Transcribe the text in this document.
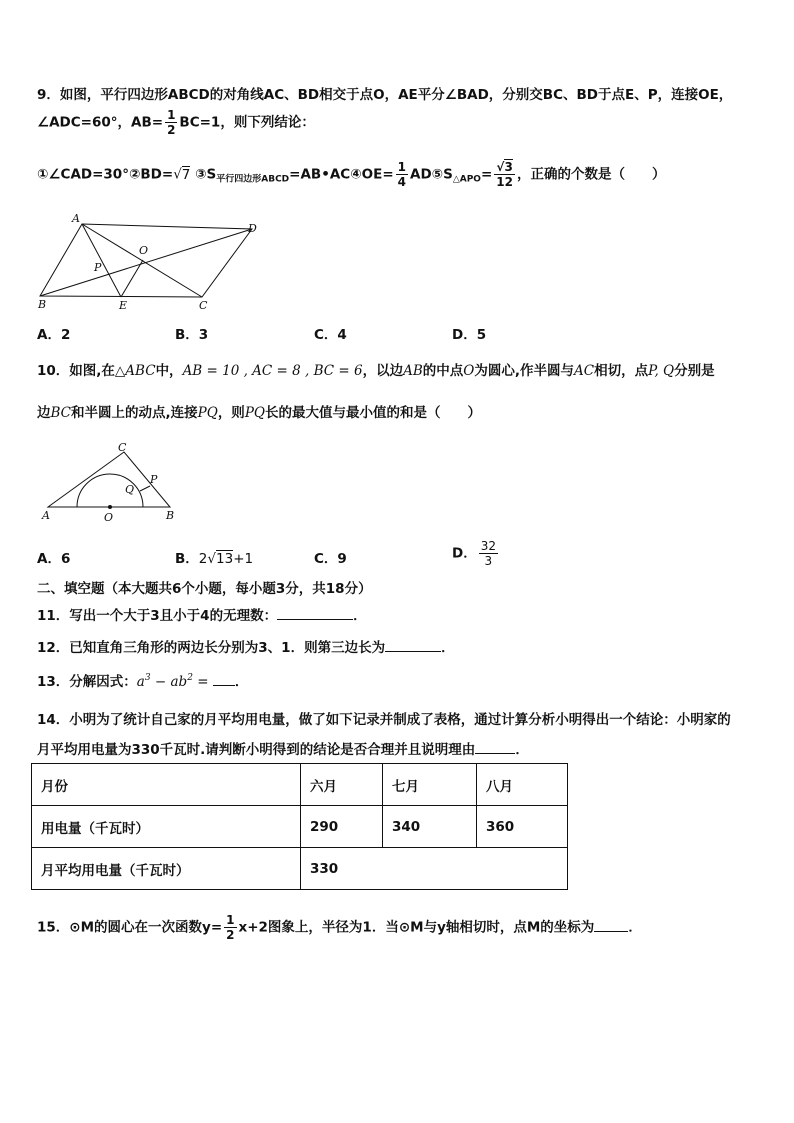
9．如图，平行四边形ABCD的对角线AC、BD相交于点O，AE平分∠BAD，分别交BC、BD于点E、P，连接OE，
∠ADC=60°，$AB= \frac{1}{2} BC=1$，则下列结论：
①∠CAD=30°②BD=√7 $③S_{平行四边形ABCD}=AB•AC④OE= \frac{1}{4}$ $AD⑤S_{\triangle APO}= \frac{√3}{12}$ ，正确的个数是（　　）
A
D
O
P
B	E	C
A．2	B．3	C．4	D．5
10．如图,在△ABC中，AB = 10 , AC = 8 , BC = 6，以边AB的中点O为圆心,作半圆与AC相切，点P, Q分别是
边BC和半圆上的动点,连接PQ，则PQ长的最大值与最小值的和是（　　）
C
P
Q
A	O	B
A．6	B．2√13+1	C．9	D． $\frac{32}{3}$
二、填空题（本大题共6个小题，每小题3分，共18分）
11．写出一个大于3且小于4的无理数：	．
12．已知直角三角形的两边长分别为3、1．则第三边长为	．
13．分解因式：$a^3 - ab^2$ = ．
14．小明为了统计自己家的月平均用电量，做了如下记录并制成了表格，通过计算分析小明得出一个结论：小明家的
月平均用电量为330千瓦时.请判断小明得到的结论是否合理并且说明理由	．
月份	六月	七月	八月
用电量（千瓦时）	290	340	360
月平均用电量（千瓦时）	330		
15．⊙M的圆心在一次函数$y= \frac{1}{2} x+2$图象上，半径为1．当⊙M与y轴相切时，点M的坐标为	．
